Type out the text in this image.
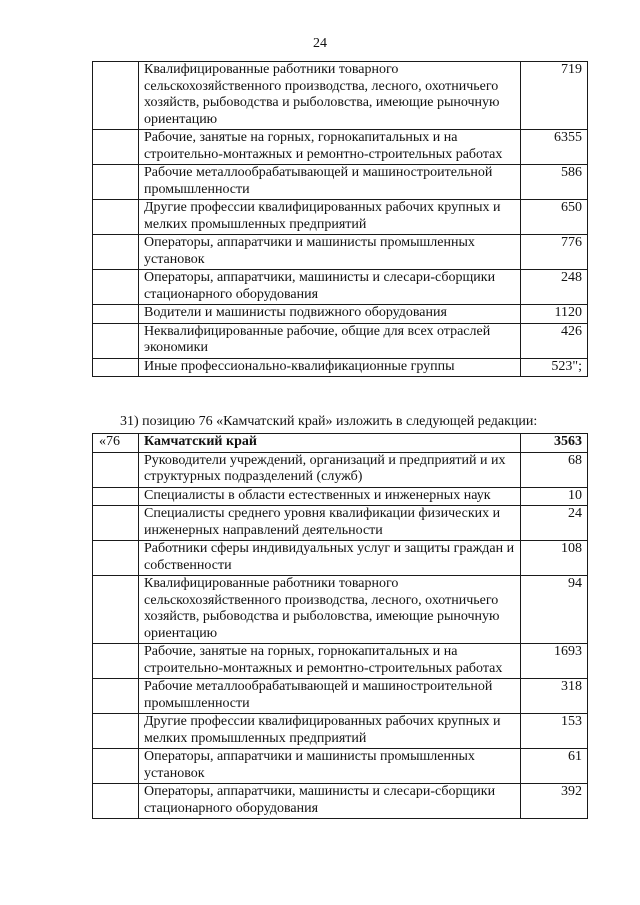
24
	Квалифицированные работники товарного сельскохозяйственного производства, лесного, охотничьего хозяйств, рыбоводства и рыболовства, имеющие рыночную ориентацию	719
	Рабочие, занятые на горных, горнокапитальных и на строительно-монтажных и ремонтно-строительных работах	6355
	Рабочие металлообрабатывающей и машиностроительной промышленности	586
	Другие профессии квалифицированных рабочих крупных и мелких промышленных предприятий	650
	Операторы, аппаратчики и машинисты промышленных установок	776
	Операторы, аппаратчики, машинисты и слесари-сборщики стационарного оборудования	248
	Водители и машинисты подвижного оборудования	1120
	Неквалифицированные рабочие, общие для всех отраслей экономики	426
	Иные профессионально-квалификационные группы	523";
31) позицию 76 «Камчатский край» изложить в следующей редакции:
«76	Камчатский край	3563
	Руководители учреждений, организаций и предприятий и их структурных подразделений (служб)	68
	Специалисты в области естественных и инженерных наук	10
	Специалисты среднего уровня квалификации физических и инженерных направлений деятельности	24
	Работники сферы индивидуальных услуг и защиты граждан и собственности	108
	Квалифицированные работники товарного сельскохозяйственного производства, лесного, охотничьего хозяйств, рыбоводства и рыболовства, имеющие рыночную ориентацию	94
	Рабочие, занятые на горных, горнокапитальных и на строительно-монтажных и ремонтно-строительных работах	1693
	Рабочие металлообрабатывающей и машиностроительной промышленности	318
	Другие профессии квалифицированных рабочих крупных и мелких промышленных предприятий	153
	Операторы, аппаратчики и машинисты промышленных установок	61
	Операторы, аппаратчики, машинисты и слесари-сборщики стационарного оборудования	392
